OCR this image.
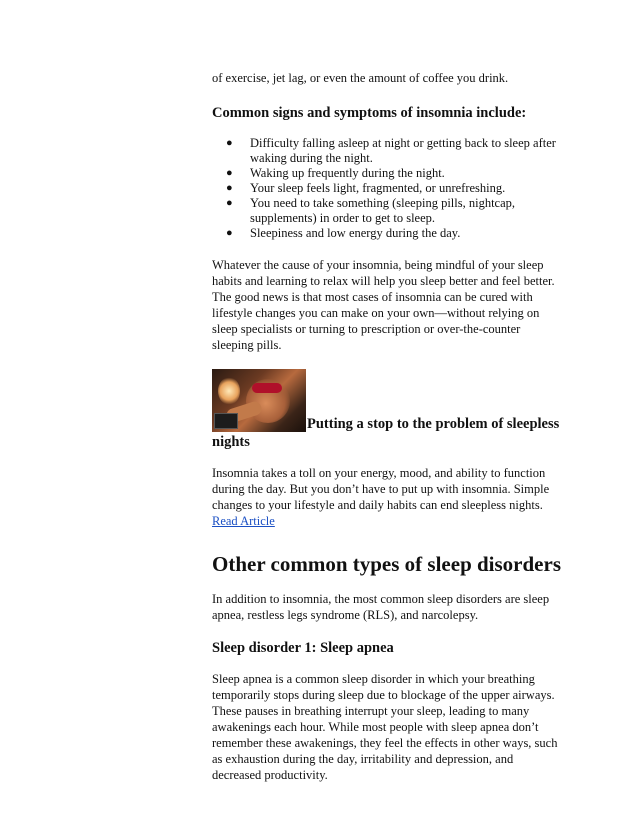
of exercise, jet lag, or even the amount of coffee you drink.

Common signs and symptoms of insomnia include:
● Difficulty falling asleep at night or getting back to sleep after waking during the night.
● Waking up frequently during the night.
● Your sleep feels light, fragmented, or unrefreshing.
● You need to take something (sleeping pills, nightcap, supplements) in order to get to sleep.
● Sleepiness and low energy during the day.

Whatever the cause of your insomnia, being mindful of your sleep habits and learning to relax will help you sleep better and feel better. The good news is that most cases of insomnia can be cured with lifestyle changes you can make on your own—without relying on sleep specialists or turning to prescription or over-the-counter sleeping pills.

Putting a stop to the problem of sleepless
nights

Insomnia takes a toll on your energy, mood, and ability to function during the day. But you don’t have to put up with insomnia. Simple changes to your lifestyle and daily habits can end sleepless nights.
Read Article

Other common types of sleep disorders

In addition to insomnia, the most common sleep disorders are sleep apnea, restless legs syndrome (RLS), and narcolepsy.

Sleep disorder 1: Sleep apnea

Sleep apnea is a common sleep disorder in which your breathing temporarily stops during sleep due to blockage of the upper airways. These pauses in breathing interrupt your sleep, leading to many awakenings each hour. While most people with sleep apnea don’t remember these awakenings, they feel the effects in other ways, such as exhaustion during the day, irritability and depression, and decreased productivity.
